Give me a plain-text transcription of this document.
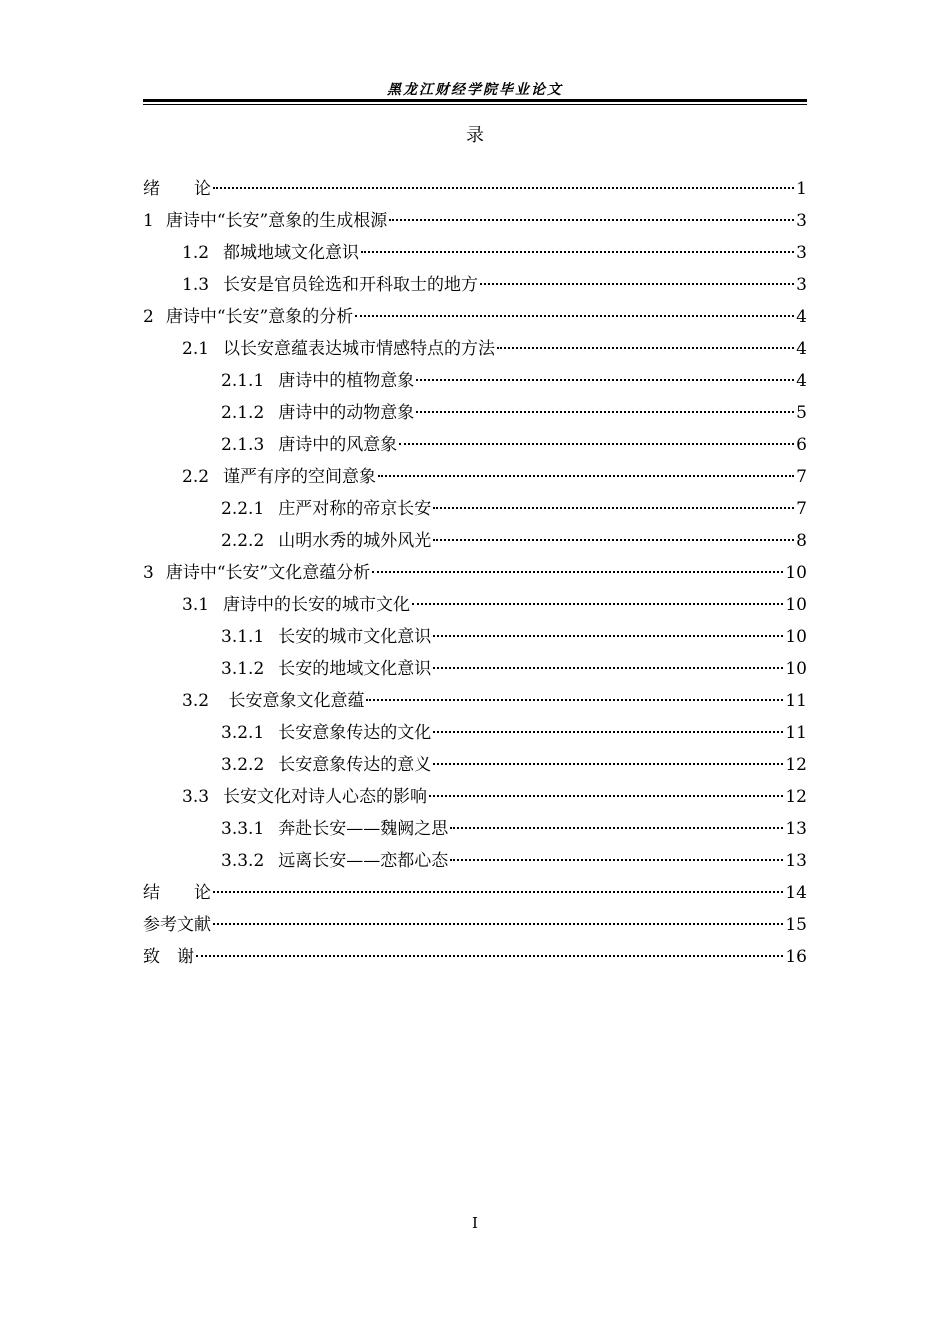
黑龙江财经学院毕业论文
录
绪　　论	1
1 唐诗中“长安”意象的生成根源	3
1.2 都城地域文化意识	3
1.3 长安是官员铨选和开科取士的地方	3
2 唐诗中“长安”意象的分析	4
2.1 以长安意蕴表达城市情感特点的方法	4
2.1.1 唐诗中的植物意象	4
2.1.2 唐诗中的动物意象	5
2.1.3 唐诗中的风意象	6
2.2 谨严有序的空间意象	7
2.2.1 庄严对称的帝京长安	7
2.2.2 山明水秀的城外风光	8
3 唐诗中“长安”文化意蕴分析	10
3.1 唐诗中的长安的城市文化	10
3.1.1 长安的城市文化意识	10
3.1.2 长安的地域文化意识	10
3.2 长安意象文化意蕴	11
3.2.1 长安意象传达的文化	11
3.2.2 长安意象传达的意义	12
3.3 长安文化对诗人心态的影响	12
3.3.1 奔赴长安——魏阙之思	13
3.3.2 远离长安——恋都心态	13
结　　论	14
参考文献	15
致　谢	16
I
